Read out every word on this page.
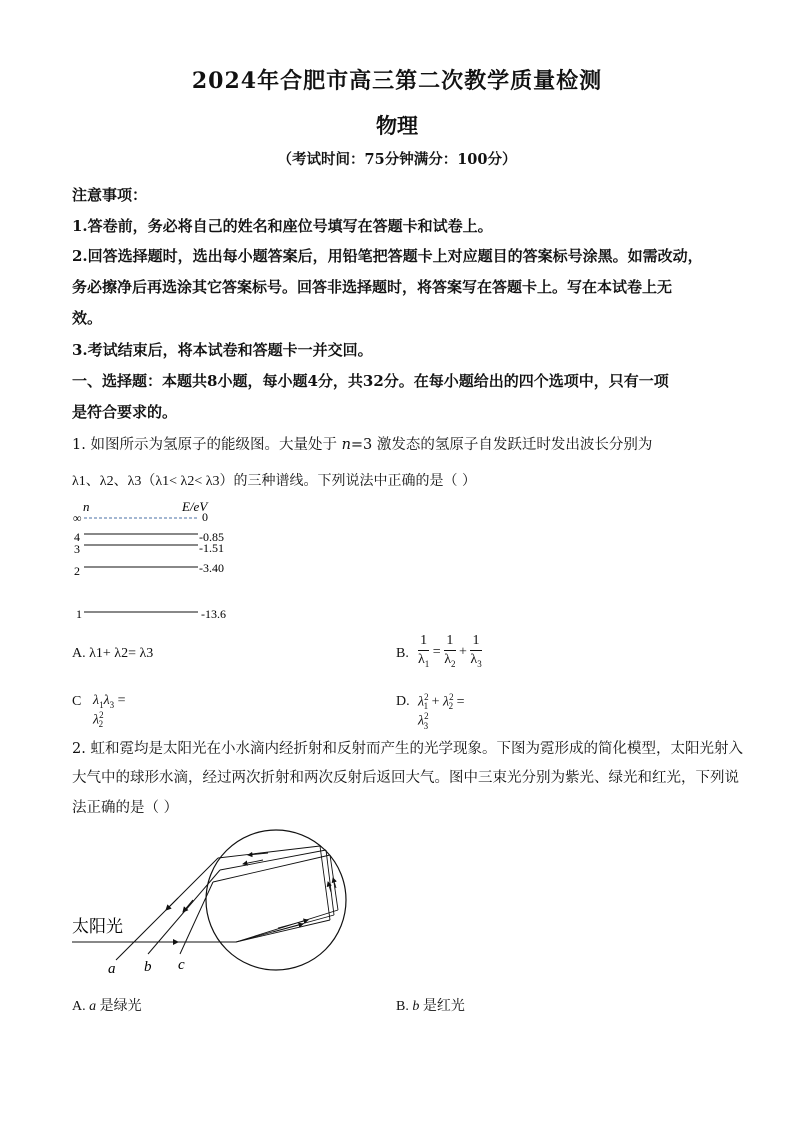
2024年合肥市高三第二次教学质量检测
物理
（考试时间：75分钟满分：100分）
注意事项：
1.答卷前，务必将自己的姓名和座位号填写在答题卡和试卷上。
2.回答选择题时，选出每小题答案后，用铅笔把答题卡上对应题目的答案标号涂黑。如需改动，
务必擦净后再选涂其它答案标号。回答非选择题时，将答案写在答题卡上。写在本试卷上无
效。
3.考试结束后，将本试卷和答题卡一并交回。
一、选择题：本题共8小题，每小题4分，共32分。在每小题给出的四个选项中，只有一项
是符合要求的。
1. 如图所示为氢原子的能级图。大量处于 n=3 激发态的氢原子自发跃迁时发出波长分别为
λ1、λ2、λ3（λ1< λ2< λ3）的三种谱线。下列说法中正确的是（ ）
n	E/eV
∞	0
4	-0.85
3	-1.51
2	-3.40
1	-13.6
A. λ1+ λ2= λ3	B. $\frac{1}{\lambda_1} = \frac{1}{\lambda_2} + \frac{1}{\lambda_3}$
C $\lambda_1\lambda_3 = \lambda^2_2$
D. $\lambda^2_1 + \lambda^2_2 = \lambda^2_3$
2. 虹和霓均是太阳光在小水滴内经折射和反射而产生的光学现象。下图为霓形成的简化模型，太阳光射入
大气中的球形水滴，经过两次折射和两次反射后返回大气。图中三束光分别为紫光、绿光和红光，下列说
法正确的是（ ）
太阳光
a b c
A. a 是绿光	B. b 是红光
